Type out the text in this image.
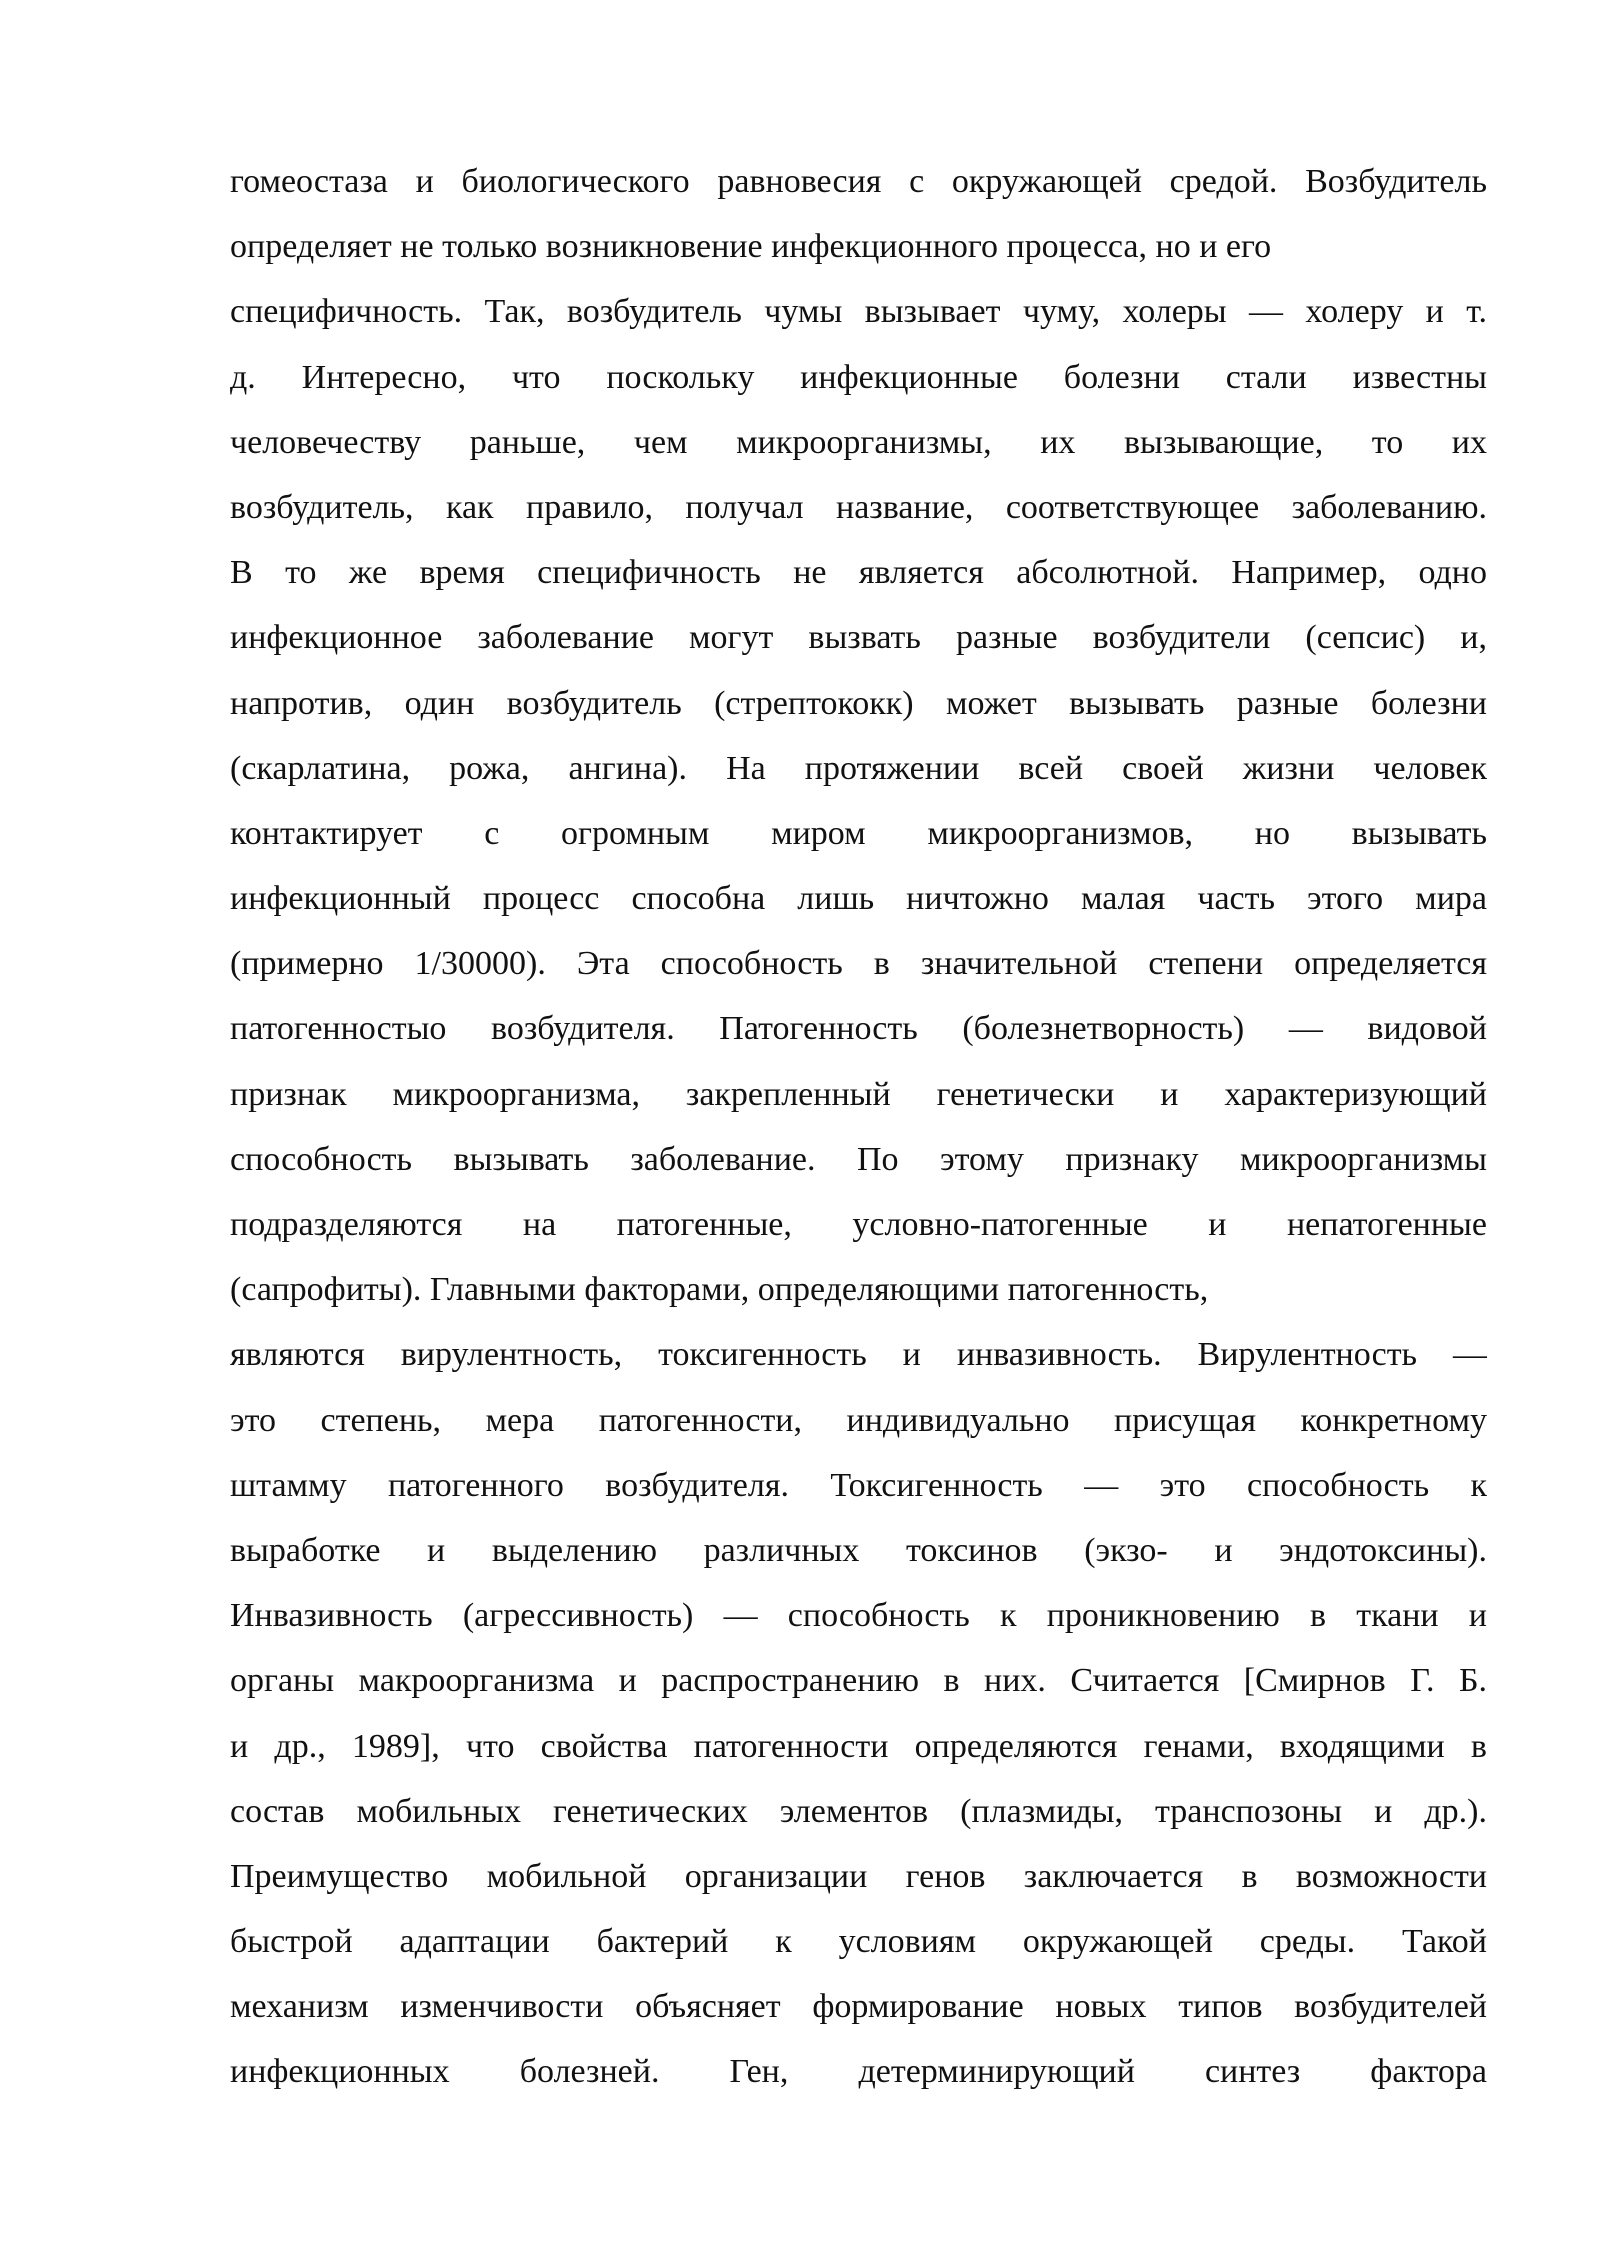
гомеостаза и биологического равновесия с окружающей средой. Возбудитель
определяет не только возникновение инфекционного процесса, но и его
специфичность. Так, возбудитель чумы вызывает чуму, холеры — холеру и т.
д. Интересно, что поскольку инфекционные болезни стали известны
человечеству раньше, чем микроорганизмы, их вызывающие, то их
возбудитель, как правило, получал название, соответствующее заболеванию.
В то же время специфичность не является абсолютной. Например, одно
инфекционное заболевание могут вызвать разные возбудители (сепсис) и,
напротив, один возбудитель (стрептококк) может вызывать разные болезни
(скарлатина, рожа, ангина). На протяжении всей своей жизни человек
контактирует с огромным миром микроорганизмов, но вызывать
инфекционный процесс способна лишь ничтожно малая часть этого мира
(примерно 1/30000). Эта способность в значительной степени определяется
патогенностыо возбудителя. Патогенность (болезнетворность) — видовой
признак микроорганизма, закрепленный генетически и характеризующий
способность вызывать заболевание. По этому признаку микроорганизмы
подразделяются на патогенные, условно-патогенные и непатогенные
(сапрофиты). Главными факторами, определяющими патогенность,
являются вирулентность, токсигенность и инвазивность. Вирулентность —
это степень, мера патогенности, индивидуально присущая конкретному
штамму патогенного возбудителя. Токсигенность — это способность к
выработке и выделению различных токсинов (экзо- и эндотоксины).
Инвазивность (агрессивность) — способность к проникновению в ткани и
органы макроорганизма и распространению в них. Считается [Смирнов Г. Б.
и др., 1989], что свойства патогенности определяются генами, входящими в
состав мобильных генетических элементов (плазмиды, транспозоны и др.).
Преимущество мобильной организации генов заключается в возможности
быстрой адаптации бактерий к условиям окружающей среды. Такой
механизм изменчивости объясняет формирование новых типов возбудителей
инфекционных болезней. Ген, детерминирующий синтез фактора
